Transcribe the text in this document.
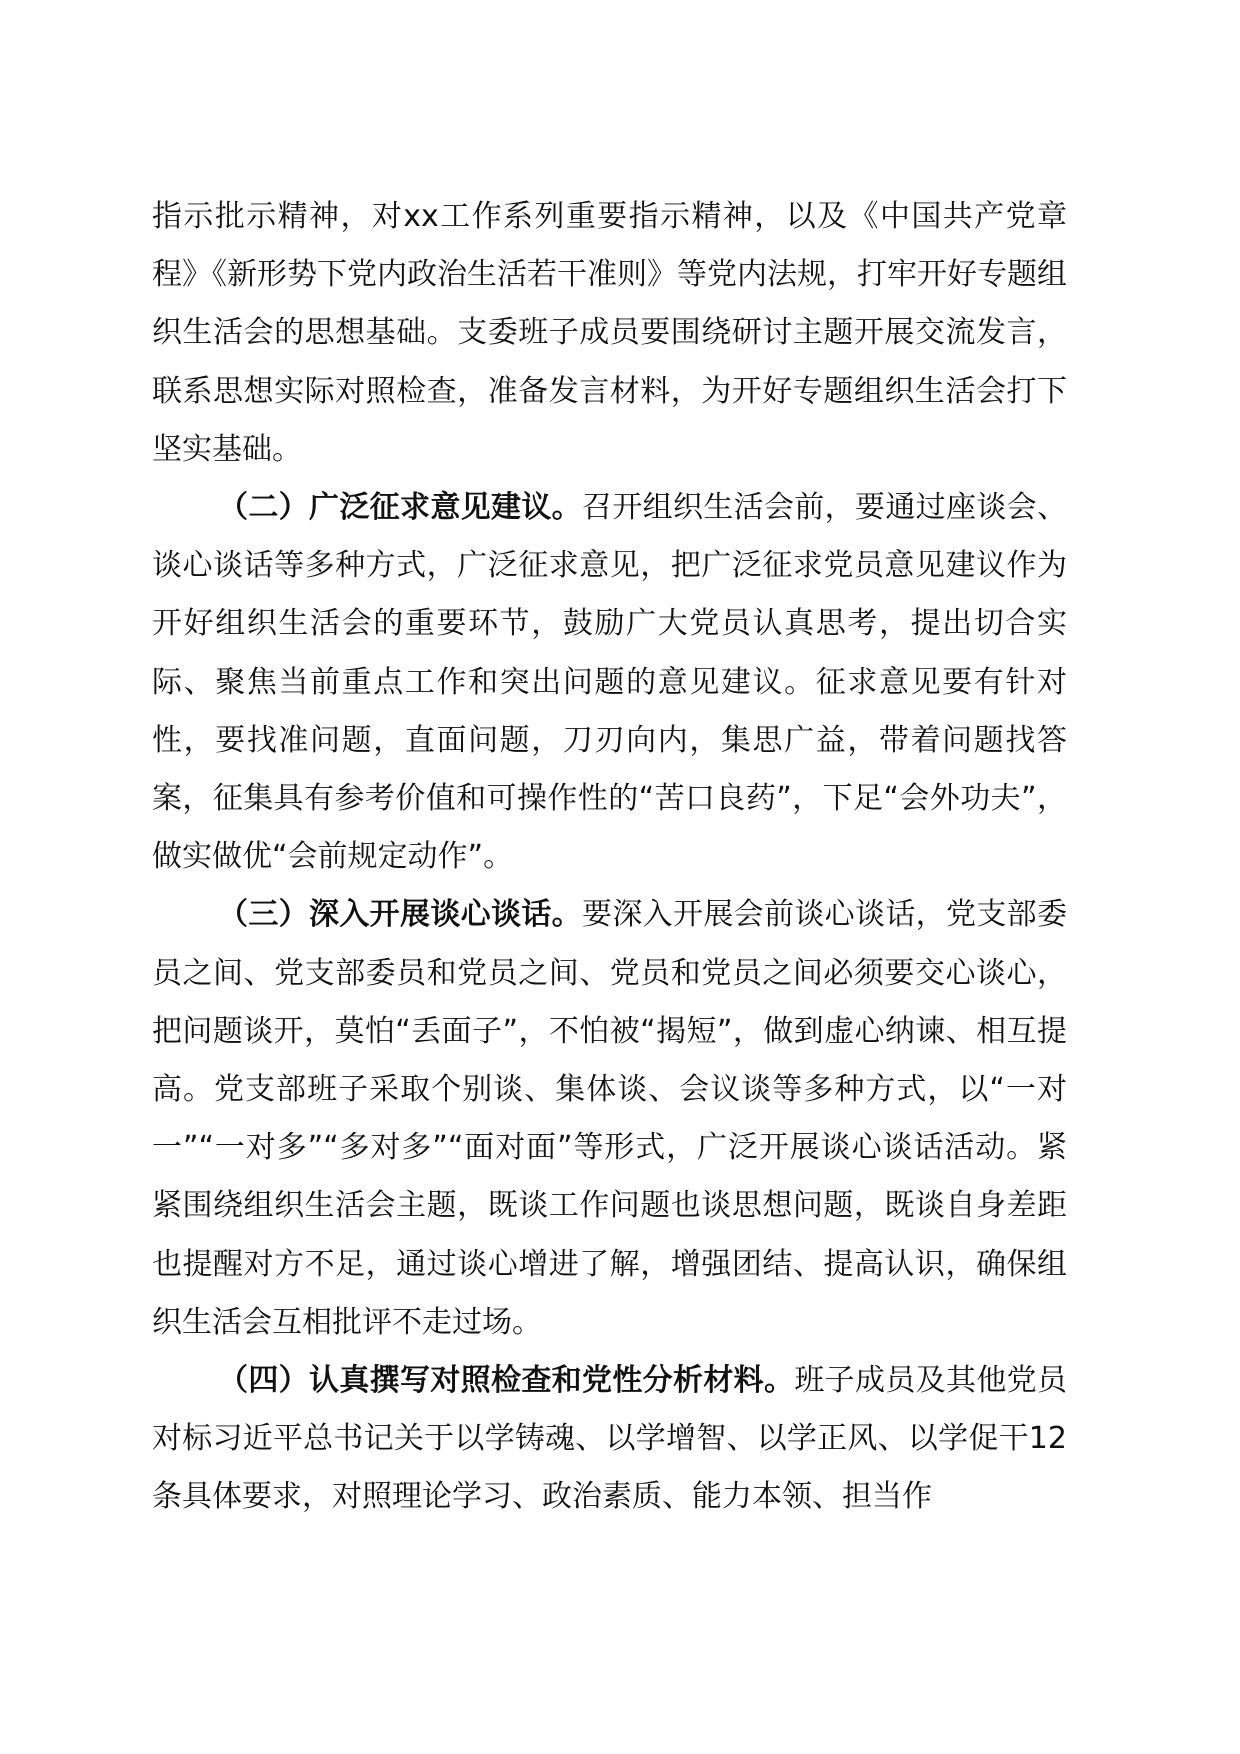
指示批示精神，对xx工作系列重要指示精神，以及《中国共产党章程》《新形势下党内政治生活若干准则》等党内法规，打牢开好专题组织生活会的思想基础。支委班子成员要围绕研讨主题开展交流发言，联系思想实际对照检查，准备发言材料，为开好专题组织生活会打下坚实基础。

（二）广泛征求意见建议。召开组织生活会前，要通过座谈会、谈心谈话等多种方式，广泛征求意见，把广泛征求党员意见建议作为开好组织生活会的重要环节，鼓励广大党员认真思考，提出切合实际、聚焦当前重点工作和突出问题的意见建议。征求意见要有针对性，要找准问题，直面问题，刀刃向内，集思广益，带着问题找答案，征集具有参考价值和可操作性的“苦口良药”，下足“会外功夫”，做实做优“会前规定动作”。

（三）深入开展谈心谈话。要深入开展会前谈心谈话，党支部委员之间、党支部委员和党员之间、党员和党员之间必须要交心谈心，把问题谈开，莫怕“丢面子”，不怕被“揭短”，做到虚心纳谏、相互提高。党支部班子采取个别谈、集体谈、会议谈等多种方式，以“一对一”“一对多”“多对多”“面对面”等形式，广泛开展谈心谈话活动。紧紧围绕组织生活会主题，既谈工作问题也谈思想问题，既谈自身差距也提醒对方不足，通过谈心增进了解，增强团结、提高认识，确保组织生活会互相批评不走过场。

（四）认真撰写对照检查和党性分析材料。班子成员及其他党员对标习近平总书记关于以学铸魂、以学增智、以学正风、以学促干12条具体要求，对照理论学习、政治素质、能力本领、担当作
